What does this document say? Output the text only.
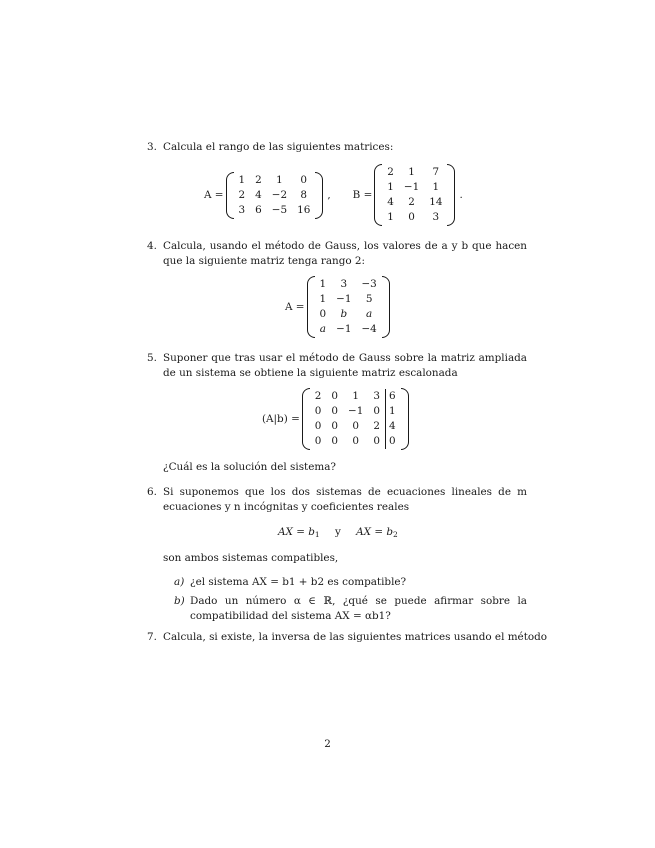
3. Calcula el rango de las siguientes matrices:
A =
1	2	1	0
2	4	−2	8
3	6	−5	16
, B =
2	1	7
1	−1	1
4	2	14
1	0	3
.
4. Calcula, usando el método de Gauss, los valores de a y b que hacen que la siguiente matriz tenga rango 2:
A =
1	3	−3
1	−1	5
0	b	a
a	−1	−4
5. Suponer que tras usar el método de Gauss sobre la matriz ampliada de un sistema se obtiene la siguiente matriz escalonada
(A|b) =
2	0	1	3	6
0	0	−1	0	1
0	0	0	2	4
0	0	0	0	0
¿Cuál es la solución del sistema?
6. Si suponemos que los dos sistemas de ecuaciones lineales de m ecuaciones y n incógnitas y coeficientes reales
AX = $b_1$ y AX = $b_2$
son ambos sistemas compatibles,
a) ¿el sistema AX = b1 + b2 es compatible?
b) Dado un número α ∈ ℝ, ¿qué se puede afirmar sobre la compatibilidad del sistema AX = αb1?
7. Calcula, si existe, la inversa de las siguientes matrices usando el método
2
